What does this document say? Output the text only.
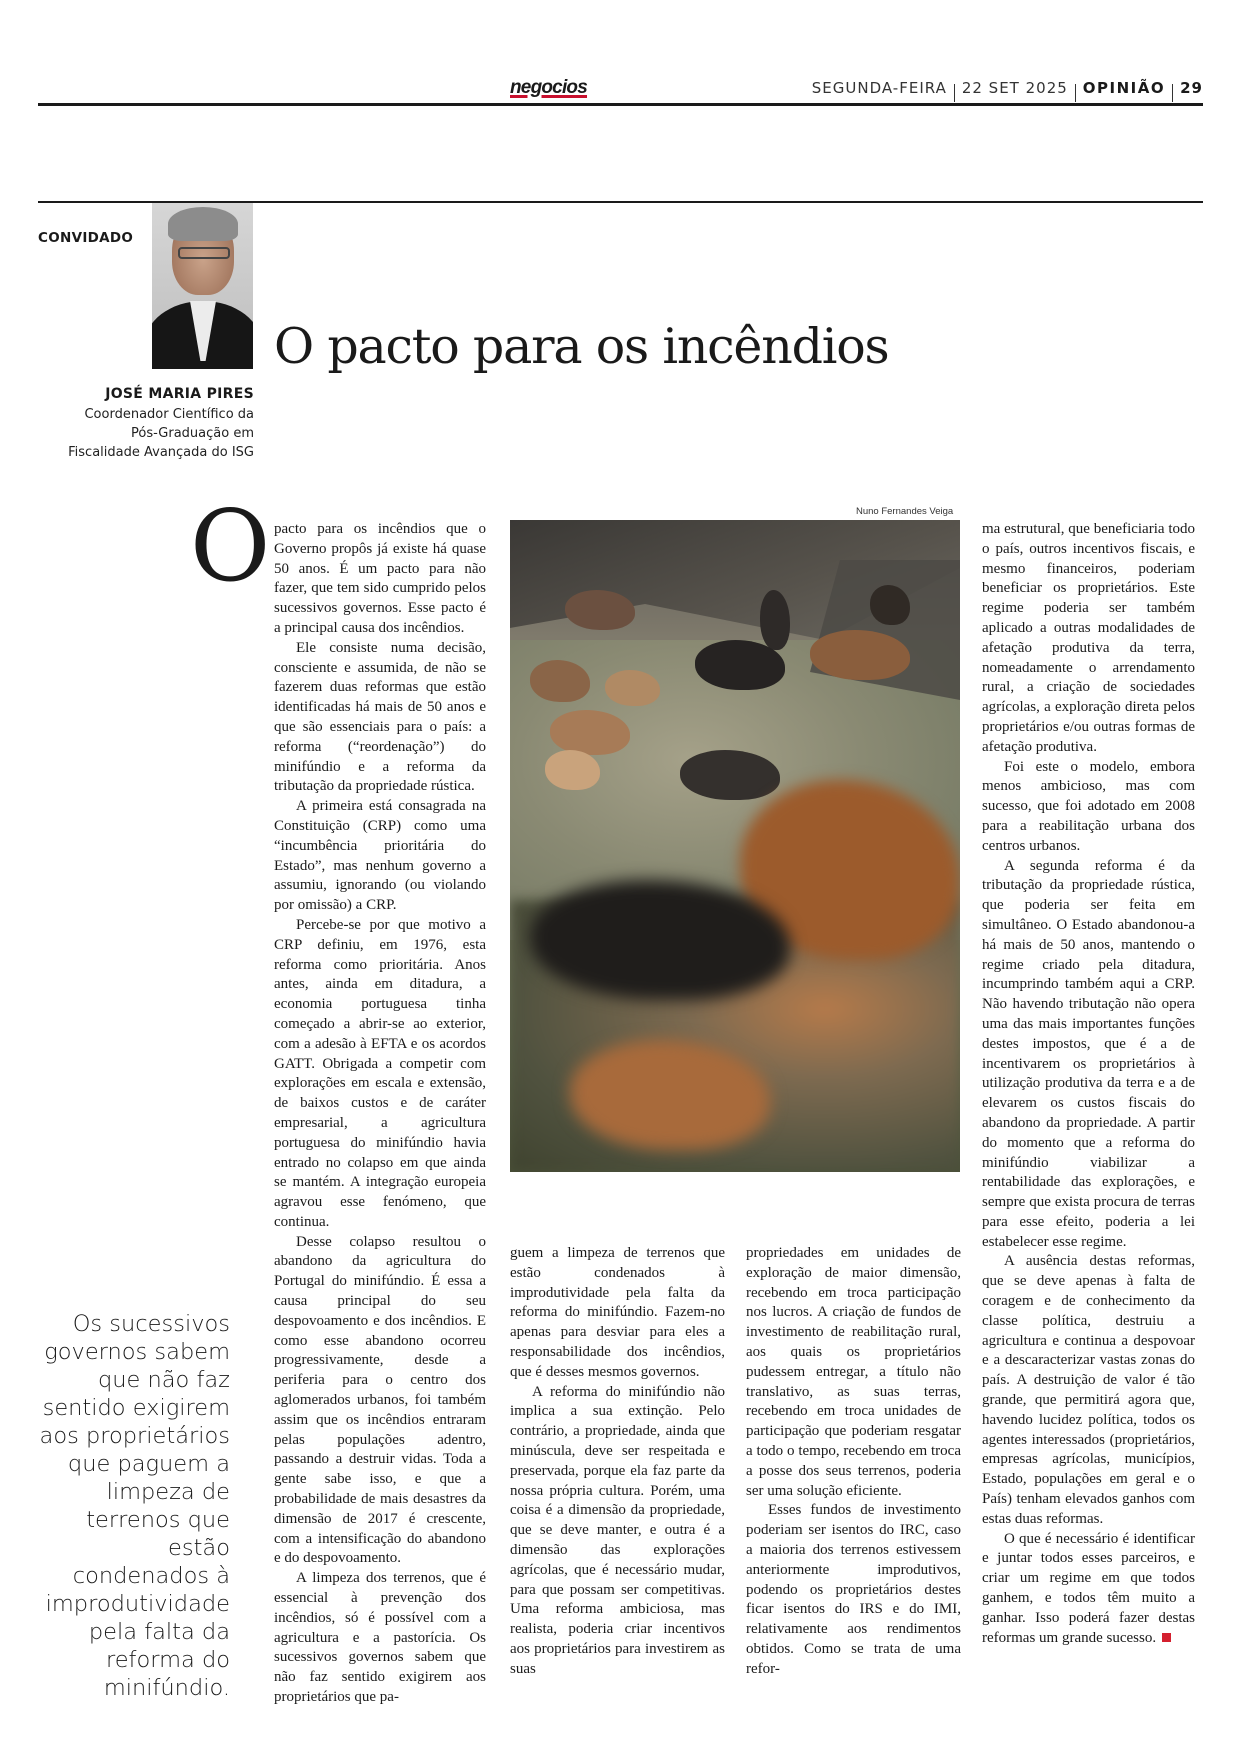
negocios	SEGUNDA-FEIRA 22 SET 2025 OPINIÃO 29
CONVIDADO
O pacto para os incêndios
JOSÉ MARIA PIRES
Coordenador Científico da
Pós-Graduação em
Fiscalidade Avançada do ISG
O pacto para os incêndios que o Governo propôs já existe há quase 50 anos. É um pacto para não fazer, que tem sido cumprido pelos sucessivos governos. Esse pacto é a principal causa dos incêndios.

Ele consiste numa decisão, consciente e assumida, de não se fazerem duas reformas que estão identificadas há mais de 50 anos e que são essenciais para o país: a reforma (“reordenação”) do minifúndio e a reforma da tributação da propriedade rústica.

A primeira está consagrada na Constituição (CRP) como uma “incumbência prioritária do Estado”, mas nenhum governo a assumiu, ignorando (ou violando por omissão) a CRP.

Percebe-se por que motivo a CRP definiu, em 1976, esta reforma como prioritária. Anos antes, ainda em ditadura, a economia portuguesa tinha começado a abrir-se ao exterior, com a adesão à EFTA e os acordos GATT. Obrigada a competir com explorações em escala e extensão, de baixos custos e de caráter empresarial, a agricultura portuguesa do minifúndio havia entrado no colapso em que ainda se mantém. A integração europeia agravou esse fenómeno, que continua.

Desse colapso resultou o abandono da agricultura do Portugal do minifúndio. É essa a causa principal do seu despovoamento e dos incêndios. E como esse abandono ocorreu progressivamente, desde a periferia para o centro dos aglomerados urbanos, foi também assim que os incêndios entraram pelas populações adentro, passando a destruir vidas. Toda a gente sabe isso, e que a probabilidade de mais desastres da dimensão de 2017 é crescente, com a intensificação do abandono e do despovoamento.

A limpeza dos terrenos, que é essencial à prevenção dos incêndios, só é possível com a agricultura e a pastorícia. Os sucessivos governos sabem que não faz sentido exigirem aos proprietários que pa-

Nuno Fernandes Veiga

guem a limpeza de terrenos que estão condenados à improdutividade pela falta da reforma do minifúndio. Fazem-no apenas para desviar para eles a responsabilidade dos incêndios, que é desses mesmos governos.

A reforma do minifúndio não implica a sua extinção. Pelo contrário, a propriedade, ainda que minúscula, deve ser respeitada e preservada, porque ela faz parte da nossa própria cultura. Porém, uma coisa é a dimensão da propriedade, que se deve manter, e outra é a dimensão das explorações agrícolas, que é necessário mudar, para que possam ser competitivas. Uma reforma ambiciosa, mas realista, poderia criar incentivos aos proprietários para investirem as suas

propriedades em unidades de exploração de maior dimensão, recebendo em troca participação nos lucros. A criação de fundos de investimento de reabilitação rural, aos quais os proprietários pudessem entregar, a título não translativo, as suas terras, recebendo em troca unidades de participação que poderiam resgatar a todo o tempo, recebendo em troca a posse dos seus terrenos, poderia ser uma solução eficiente.

Esses fundos de investimento poderiam ser isentos do IRC, caso a maioria dos terrenos estivessem anteriormente improdutivos, podendo os proprietários destes ficar isentos do IRS e do IMI, relativamente aos rendimentos obtidos. Como se trata de uma refor-

ma estrutural, que beneficiaria todo o país, outros incentivos fiscais, e mesmo financeiros, poderiam beneficiar os proprietários. Este regime poderia ser também aplicado a outras modalidades de afetação produtiva da terra, nomeadamente o arrendamento rural, a criação de sociedades agrícolas, a exploração direta pelos proprietários e/ou outras formas de afetação produtiva.

Foi este o modelo, embora menos ambicioso, mas com sucesso, que foi adotado em 2008 para a reabilitação urbana dos centros urbanos.

A segunda reforma é da tributação da propriedade rústica, que poderia ser feita em simultâneo. O Estado abandonou-a há mais de 50 anos, mantendo o regime criado pela ditadura, incumprindo também aqui a CRP. Não havendo tributação não opera uma das mais importantes funções destes impostos, que é a de incentivarem os proprietários à utilização produtiva da terra e a de elevarem os custos fiscais do abandono da propriedade. A partir do momento que a reforma do minifúndio viabilizar a rentabilidade das explorações, e sempre que exista procura de terras para esse efeito, poderia a lei estabelecer esse regime.

A ausência destas reformas, que se deve apenas à falta de coragem e de conhecimento da classe política, destruiu a agricultura e continua a despovoar e a descaracterizar vastas zonas do país. A destruição de valor é tão grande, que permitirá agora que, havendo lucidez política, todos os agentes interessados (proprietários, empresas agrícolas, municípios, Estado, populações em geral e o País) tenham elevados ganhos com estas duas reformas.

O que é necessário é identificar e juntar todos esses parceiros, e criar um regime em que todos ganhem, e todos têm muito a ganhar. Isso poderá fazer destas reformas um grande sucesso.

Os sucessivos governos sabem que não faz sentido exigirem aos proprietários que paguem a limpeza de terrenos que estão condenados à improdutividade pela falta da reforma do minifúndio.
